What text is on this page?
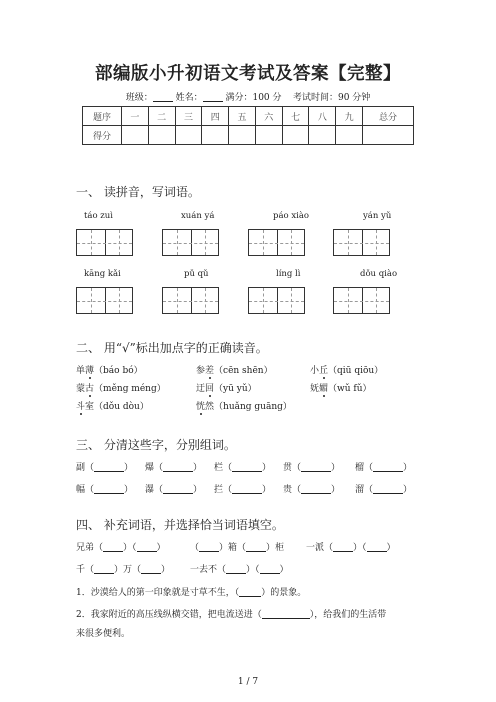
部编版小升初语文考试及答案【完整】
班级：	姓名：	满分：100 分 考试时间：90 分钟
题序	一	二	三	四	五	六	七	八	九	总分
得分										
一、 读拼音，写词语。
táo zuì	xuán yá	páo xiào	yán yǔ
kāng kǎi	pǔ qǔ	líng lì	dǒu qiào
二、 用“√”标出加点字的正确读音。
单薄（báo bó）	参差（cēn shēn）	小丘（qiū qiōu）
蒙古（měng méng）	迂回（yū yǔ）	妩媚（wǔ fǔ）
斗室（dǒu dòu）	恍然（huǎng guāng）
三、 分清这些字，分别组词。
副（	） 爆（	） 栏（	） 贯（	） 榴（	）
幅（	） 瀑（	） 拦（	） 贵（	） 溜（	）
四、 补充词语，并选择恰当词语填空。
兄弟（ ）（ ）	（ ）箱（ ）柜 一派（ ）（ ）
千（ ）万（ ） 一去不（ ）（ ）
1．沙漠给人的第一印象就是寸草不生，（ ）的景象。
2．我家附近的高压线纵横交错，把电流送进（	），给我们的生活带
来很多便利。
1 / 7
